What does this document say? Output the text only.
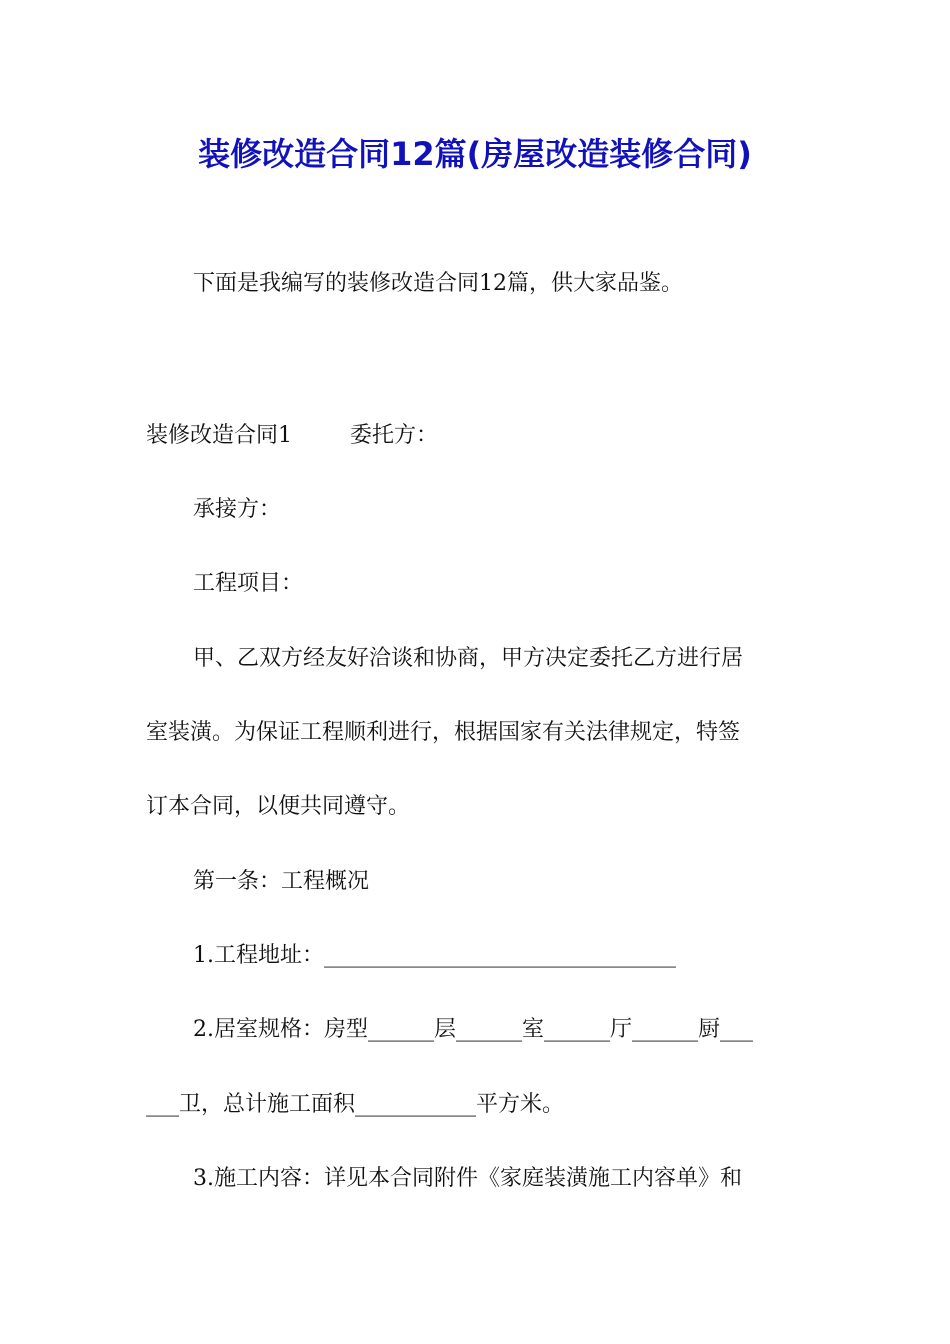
装修改造合同12篇(房屋改造装修合同)
下面是我编写的装修改造合同12篇，供大家品鉴。
装修改造合同1	委托方：
承接方：
工程项目：
甲、乙双方经友好洽谈和协商，甲方决定委托乙方进行居
室装潢。为保证工程顺利进行，根据国家有关法律规定，特签
订本合同，以便共同遵守。
第一条：工程概况
1.工程地址：________________________________
2.居室规格：房型______层______室______厅______厨___
___卫，总计施工面积___________平方米。
3.施工内容：详见本合同附件《家庭装潢施工内容单》和
